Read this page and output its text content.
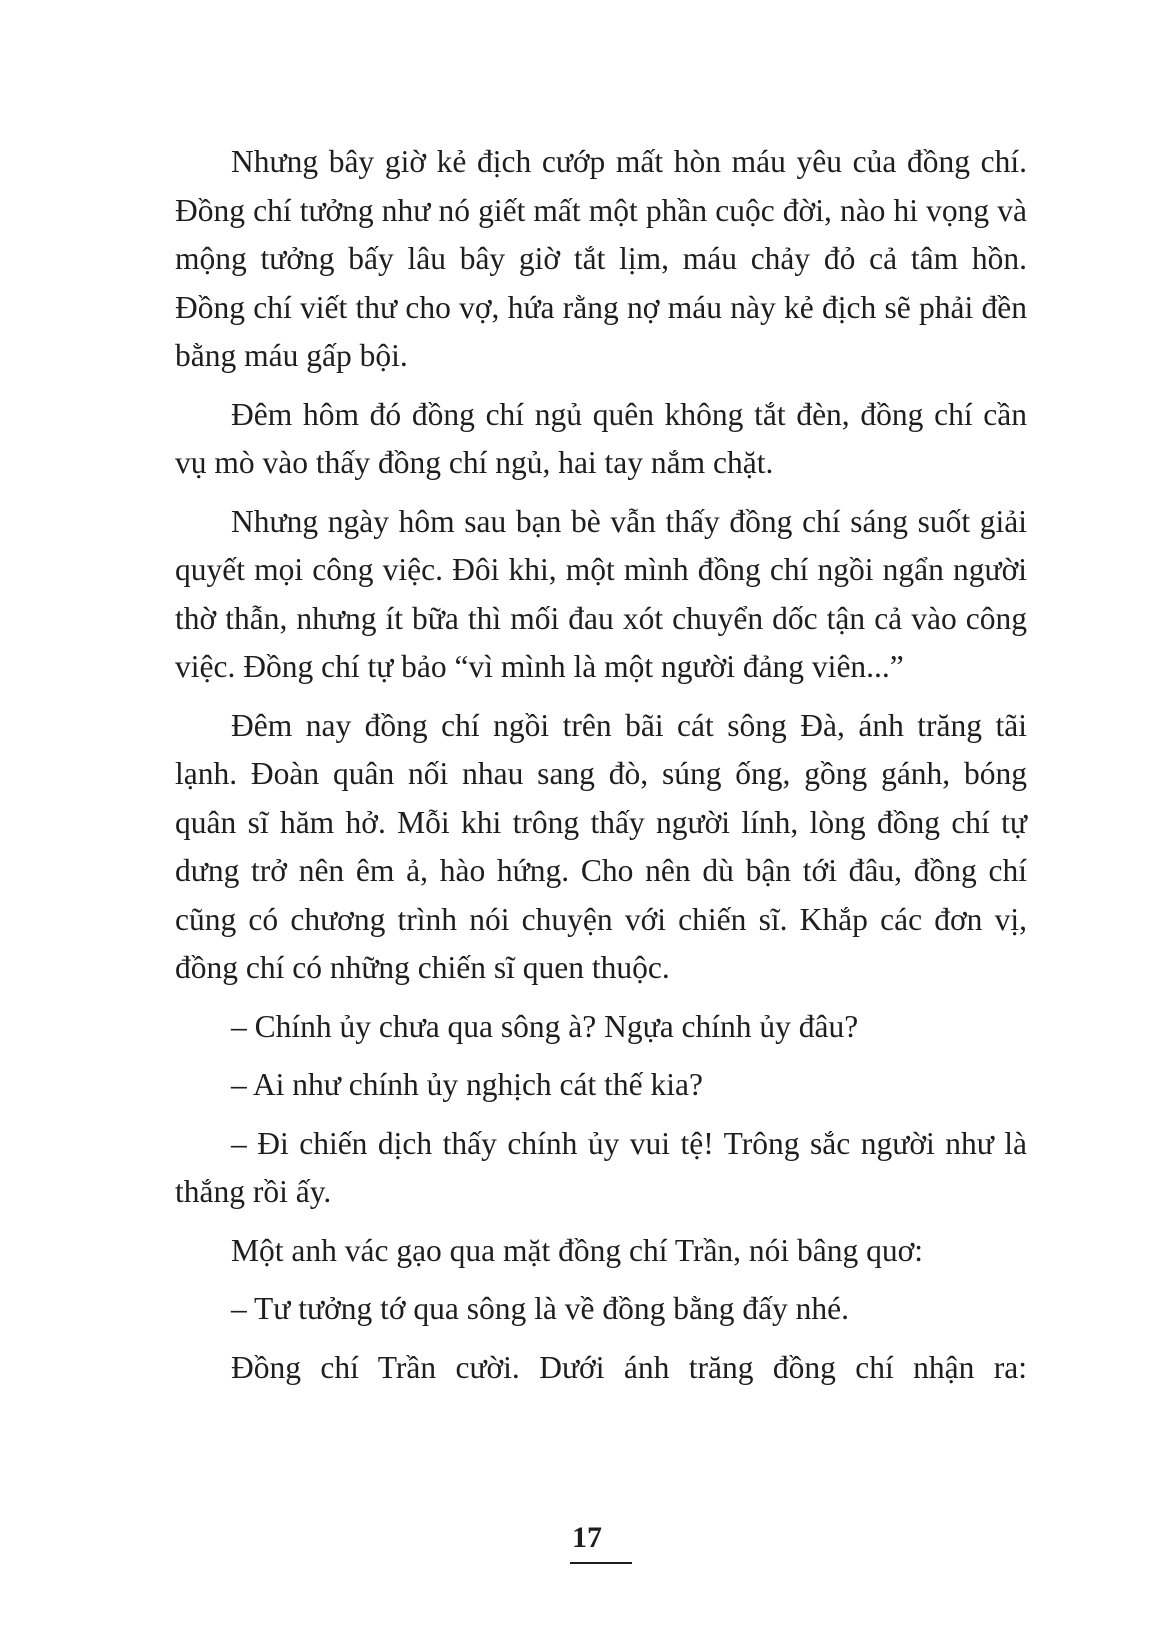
Nhưng bây giờ kẻ địch cướp mất hòn máu yêu của đồng chí. Đồng chí tưởng như nó giết mất một phần cuộc đời, nào hi vọng và mộng tưởng bấy lâu bây giờ tắt lịm, máu chảy đỏ cả tâm hồn. Đồng chí viết thư cho vợ, hứa rằng nợ máu này kẻ địch sẽ phải đền bằng máu gấp bội.

Đêm hôm đó đồng chí ngủ quên không tắt đèn, đồng chí cần vụ mò vào thấy đồng chí ngủ, hai tay nắm chặt.

Nhưng ngày hôm sau bạn bè vẫn thấy đồng chí sáng suốt giải quyết mọi công việc. Đôi khi, một mình đồng chí ngồi ngẩn người thờ thẫn, nhưng ít bữa thì mối đau xót chuyển dốc tận cả vào công việc. Đồng chí tự bảo “vì mình là một người đảng viên...”

Đêm nay đồng chí ngồi trên bãi cát sông Đà, ánh trăng tãi lạnh. Đoàn quân nối nhau sang đò, súng ống, gồng gánh, bóng quân sĩ hăm hở. Mỗi khi trông thấy người lính, lòng đồng chí tự dưng trở nên êm ả, hào hứng. Cho nên dù bận tới đâu, đồng chí cũng có chương trình nói chuyện với chiến sĩ. Khắp các đơn vị, đồng chí có những chiến sĩ quen thuộc.

– Chính ủy chưa qua sông à? Ngựa chính ủy đâu?

– Ai như chính ủy nghịch cát thế kia?

– Đi chiến dịch thấy chính ủy vui tệ! Trông sắc người như là thắng rồi ấy.

Một anh vác gạo qua mặt đồng chí Trần, nói bâng quơ:

– Tư tưởng tớ qua sông là về đồng bằng đấy nhé.

Đồng chí Trần cười. Dưới ánh trăng đồng chí nhận ra:

17
